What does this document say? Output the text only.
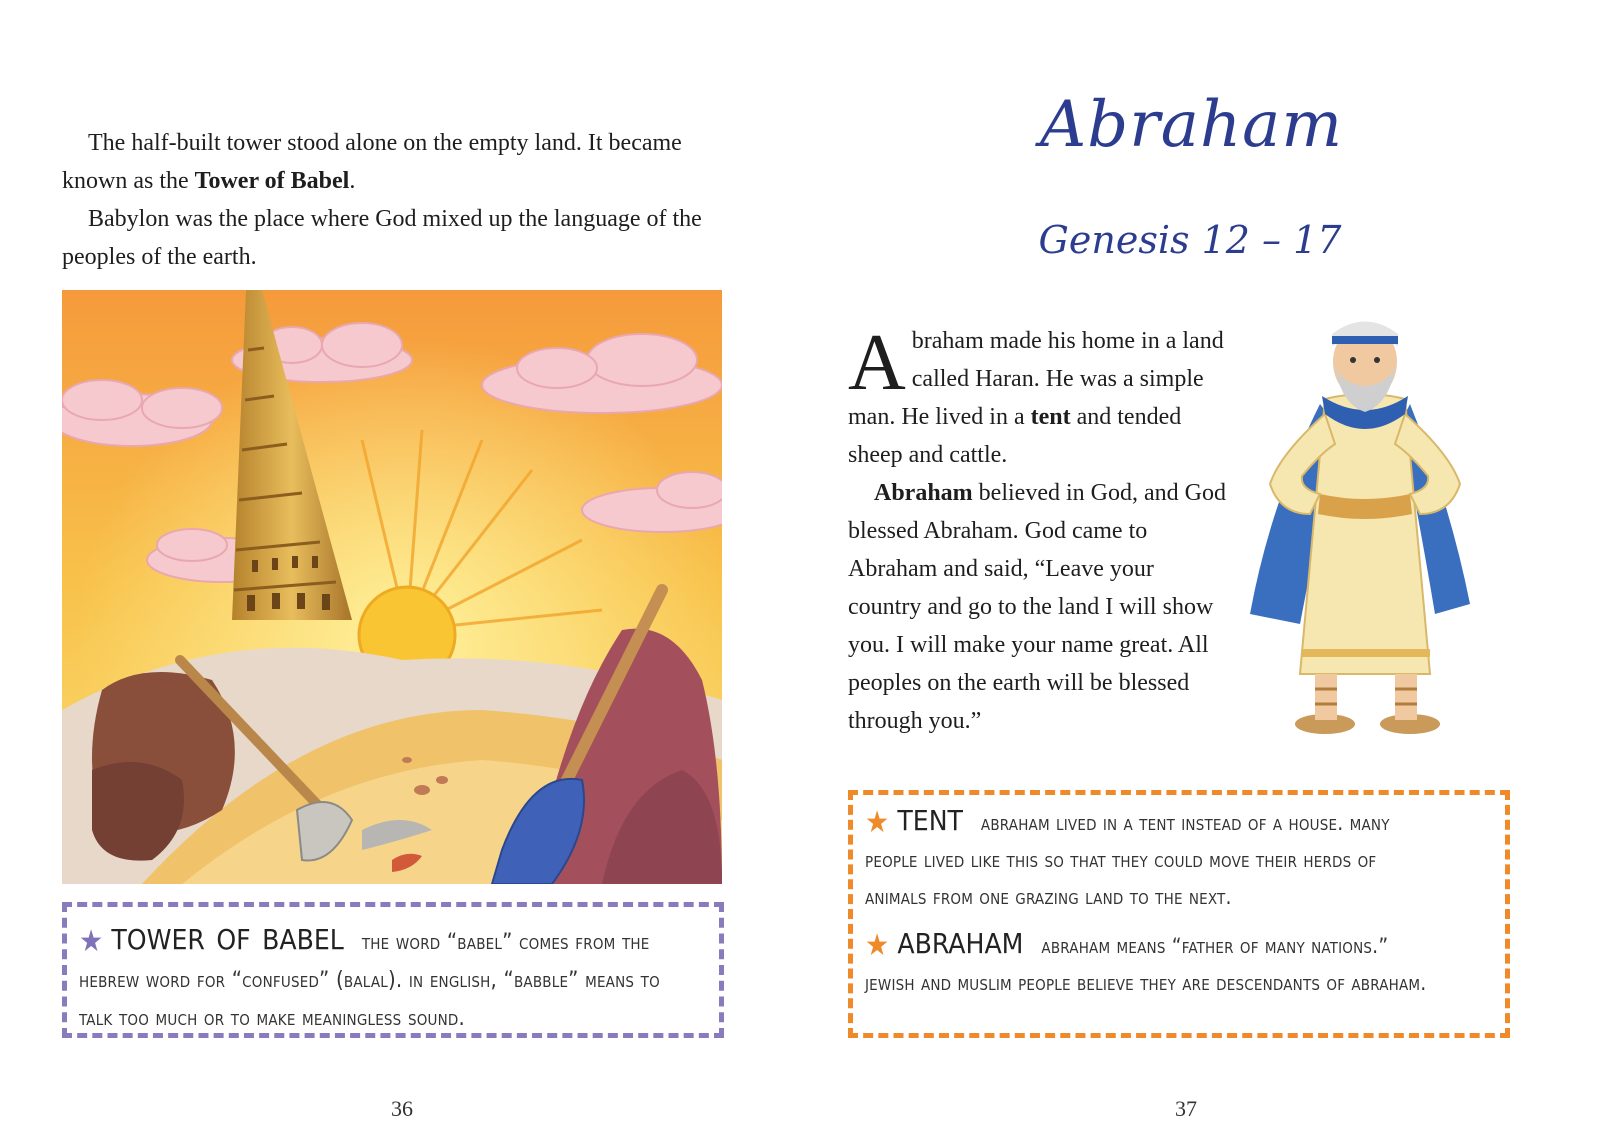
The half-built tower stood alone on the empty land. It became known as the Tower of Babel.

Babylon was the place where God mixed up the language of the peoples of the earth.

★ tower of babel the word “babel” comes from the
hebrew word for “confused” (balal). in english, “babble” means to
talk too much or to make meaningless sound.
36
Abraham
Genesis 12 – 17

Abraham made his home in a land called Haran. He was a simple man. He lived in a tent and tended sheep and cattle.

Abraham believed in God, and God blessed Abraham. God came to Abraham and said, “Leave your country and go to the land I will show you. I will make your name great. All peoples on the earth will be blessed through you.”

★ tent abraham lived in a tent instead of a house. many
people lived like this so that they could move their herds of
animals from one grazing land to the next.
★ abraham abraham means “father of many nations.”
jewish and muslim people believe they are descendants of abraham.
37
